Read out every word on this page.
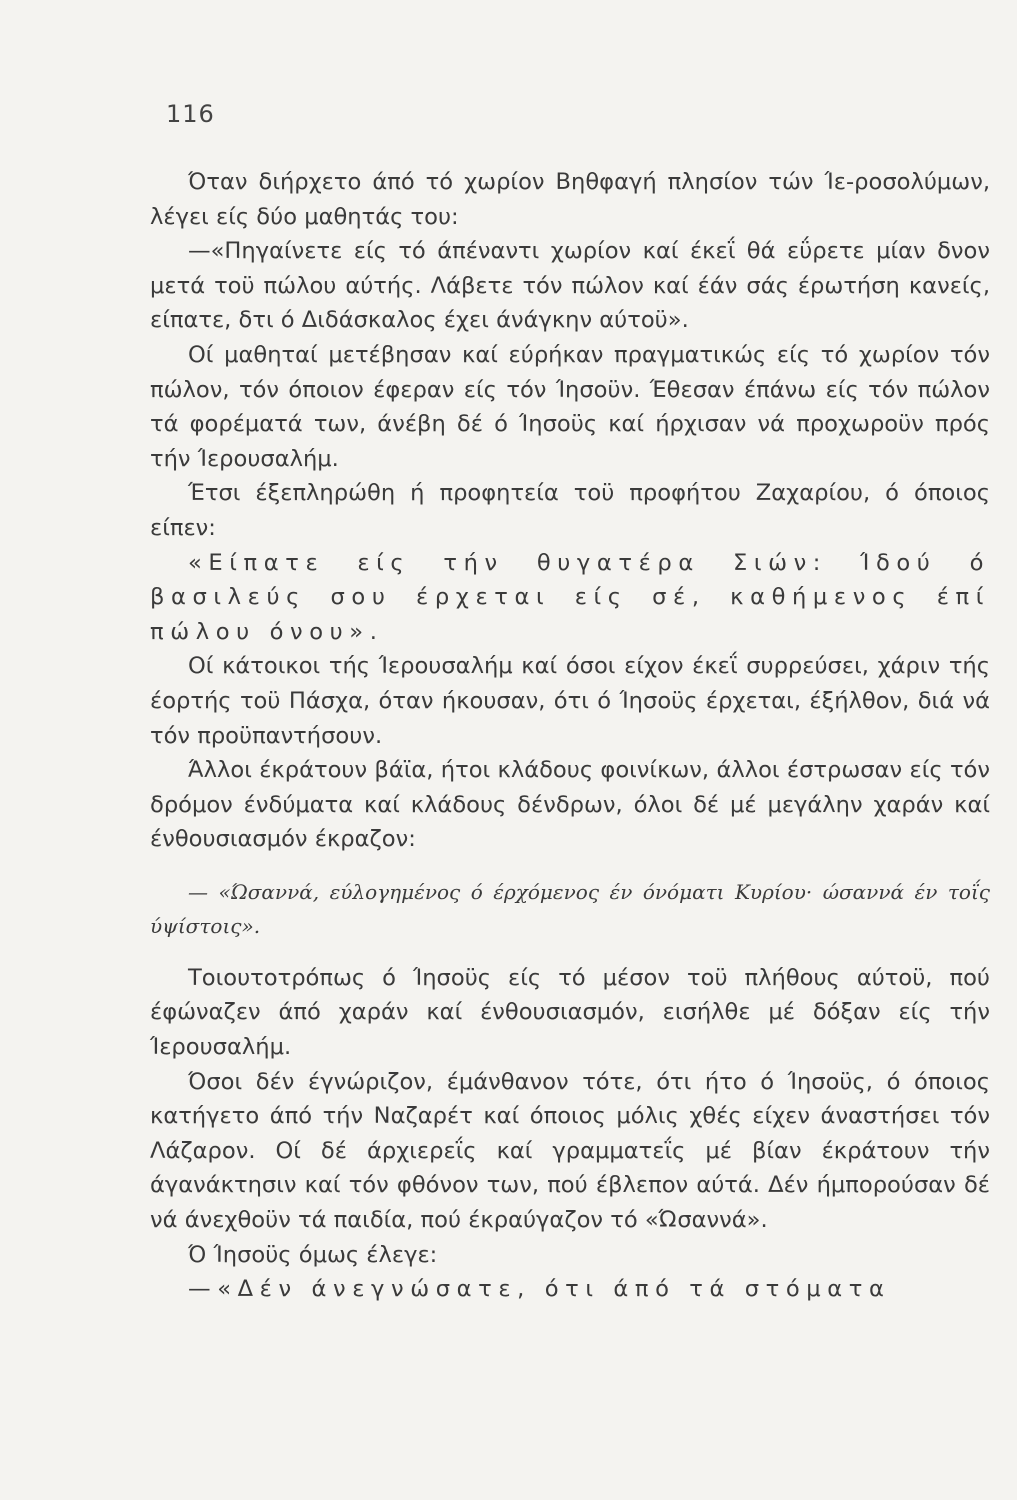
116

Όταν διήρχετο άπό τό χωρίον Βηθφαγή πλησίον τών Ίε-ροσολύμων, λέγει είς δύο μαθητάς του:

—«Πηγαίνετε είς τό άπέναντι χωρίον καί έκεΐ θά εΰρετε μίαν δνον μετά τοϋ πώλου αύτής. Λάβετε τόν πώλον καί έάν σάς έρωτήση κανείς, είπατε, δτι ό Διδάσκαλος έχει άνάγκην αύτοϋ».

Οί μαθηταί μετέβησαν καί εύρήκαν πραγματικώς είς τό χωρίον τόν πώλον, τόν όποιον έφεραν είς τόν Ίησοϋν. Έθεσαν έπάνω είς τόν πώλον τά φορέματά των, άνέβη δέ ό Ίησοϋς καί ήρχισαν νά προχωροϋν πρός τήν Ίερουσαλήμ.

Έτσι έξεπληρώθη ή προφητεία τοϋ προφήτου Ζαχαρίου, ό όποιος είπεν:

«Είπατε είς τήν θυγατέρα Σιών: Ίδού ό βασιλεύς σου έρχεται είς σέ, καθήμενος έπί πώλου όνου».

Οί κάτοικοι τής Ίερουσαλήμ καί όσοι είχον έκεΐ συρρεύσει, χάριν τής έορτής τοϋ Πάσχα, όταν ήκουσαν, ότι ό Ίησοϋς έρχεται, έξήλθον, διά νά τόν προϋπαντήσουν.

Άλλοι έκράτουν βάϊα, ήτοι κλάδους φοινίκων, άλλοι έστρωσαν είς τόν δρόμον ένδύματα καί κλάδους δένδρων, όλοι δέ μέ μεγάλην χαράν καί ένθουσιασμόν έκραζον:

— «Ώσαννά, εύλογημένος ό έρχόμενος έν όνόματι Κυρίου· ώσαννά έν τοΐς ύψίστοις».

Τοιουτοτρόπως ό Ίησοϋς είς τό μέσον τοϋ πλήθους αύτοϋ, πού έφώναζεν άπό χαράν καί ένθουσιασμόν, εισήλθε μέ δόξαν είς τήν Ίερουσαλήμ.

Όσοι δέν έγνώριζον, έμάνθανον τότε, ότι ήτο ό Ίησοϋς, ό όποιος κατήγετο άπό τήν Ναζαρέτ καί όποιος μόλις χθές είχεν άναστήσει τόν Λάζαρον. Οί δέ άρχιερεΐς καί γραμματεΐς μέ βίαν έκράτουν τήν άγανάκτησιν καί τόν φθόνον των, πού έβλεπον αύτά. Δέν ήμπορούσαν δέ νά άνεχθοϋν τά παιδία, πού έκραύγαζον τό «Ώσαννά».

Ό Ίησοϋς όμως έλεγε:

—«Δέν άνεγνώσατε, ότι άπό τά στόματα
